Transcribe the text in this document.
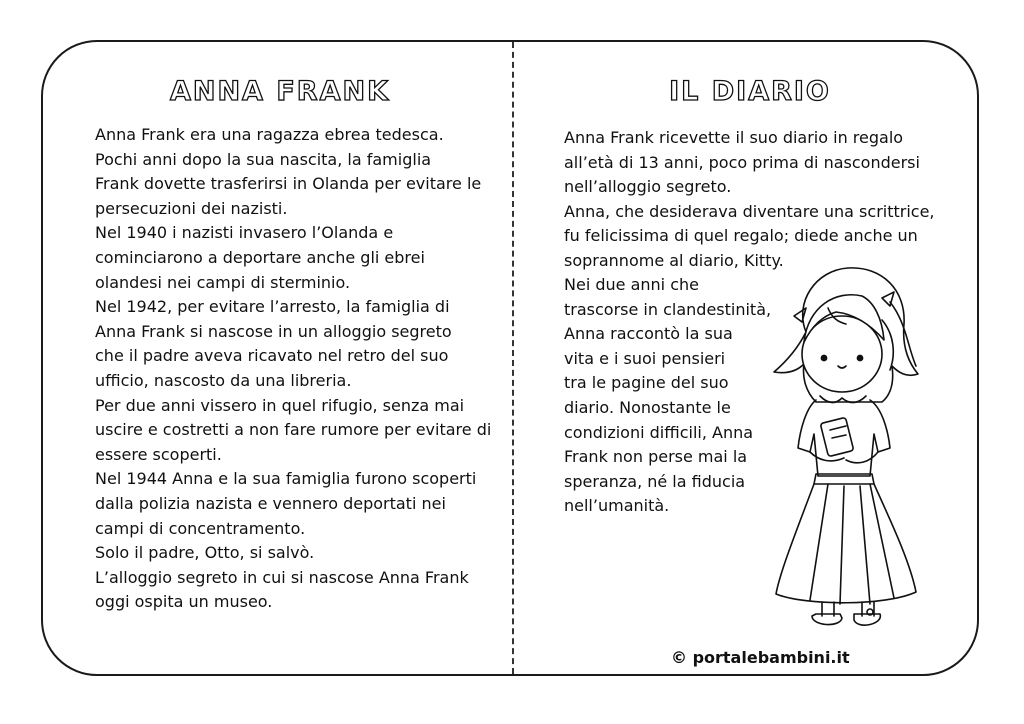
ANNA FRANK
Anna Frank era una ragazza ebrea tedesca.
Pochi anni dopo la sua nascita, la famiglia
Frank dovette trasferirsi in Olanda per evitare le
persecuzioni dei nazisti.
Nel 1940 i nazisti invasero l’Olanda e
cominciarono a deportare anche gli ebrei
olandesi nei campi di sterminio.
Nel 1942, per evitare l’arresto, la famiglia di
Anna Frank si nascose in un alloggio segreto
che il padre aveva ricavato nel retro del suo
ufficio, nascosto da una libreria.
Per due anni vissero in quel rifugio, senza mai
uscire e costretti a non fare rumore per evitare di
essere scoperti.
Nel 1944 Anna e la sua famiglia furono scoperti
dalla polizia nazista e vennero deportati nei
campi di concentramento.
Solo il padre, Otto, si salvò.
L’alloggio segreto in cui si nascose Anna Frank
oggi ospita un museo.
IL DIARIO
Anna Frank ricevette il suo diario in regalo
all’età di 13 anni, poco prima di nascondersi
nell’alloggio segreto.
Anna, che desiderava diventare una scrittrice,
fu felicissima di quel regalo; diede anche un
soprannome al diario, Kitty.
Nei due anni che
trascorse in clandestinità,
Anna raccontò la sua
vita e i suoi pensieri
tra le pagine del suo
diario. Nonostante le
condizioni difficili, Anna
Frank non perse mai la
speranza, né la fiducia
nell’umanità.
© portalebambini.it
